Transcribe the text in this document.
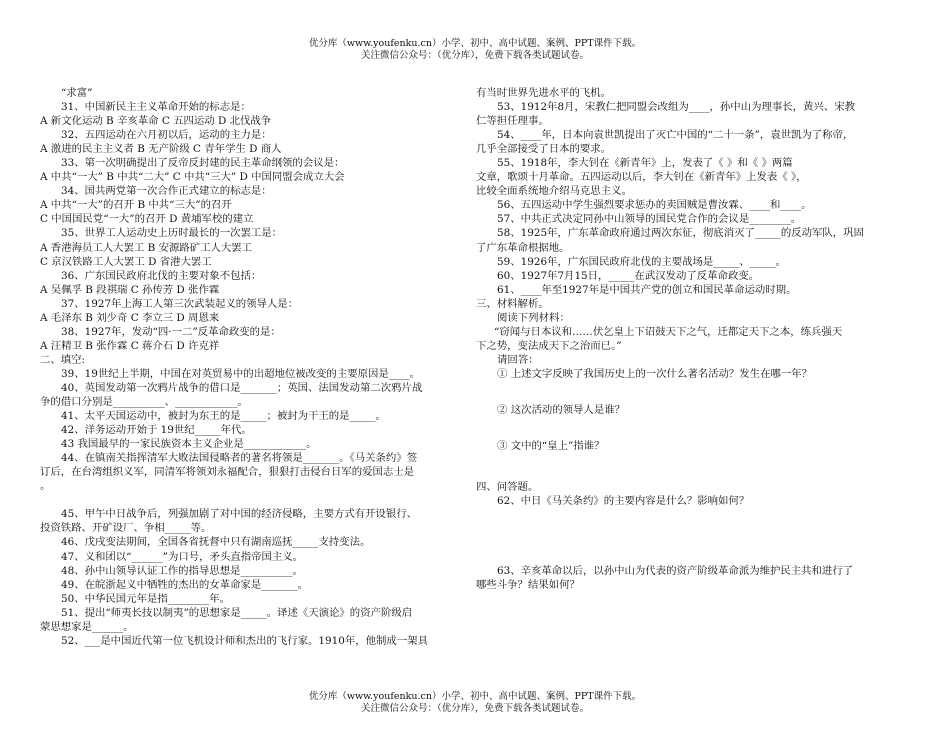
优分库（www.youfenku.cn）小学、初中、高中试题、案例、PPT课件下载。
关注微信公众号：（优分库），免费下载各类试题试卷。
“求富”
31、中国新民主主义革命开始的标志是：
A 新文化运动 B 辛亥革命 C 五四运动 D 北伐战争
32、五四运动在六月初以后，运动的主力是：
A 激进的民主主义者 B 无产阶级 C 青年学生 D 商人
33、第一次明确提出了反帝反封建的民主革命纲领的会议是：
A 中共“一大” B 中共“二大” C 中共“三大” D 中国同盟会成立大会
34、国共两党第一次合作正式建立的标志是：
A 中共“一大”的召开 B 中共“三大”的召开
C 中国国民党“一大”的召开 D 黄埔军校的建立
35、世界工人运动史上历时最长的一次罢工是：
A 香港海员工人大罢工 B 安源路矿工人大罢工
C 京汉铁路工人大罢工 D 省港大罢工
36、广东国民政府北伐的主要对象不包括：
A 吴佩孚 B 段祺瑞 C 孙传芳 D 张作霖
37、1927年上海工人第三次武装起义的领导人是：
A 毛泽东 B 刘少奇 C 李立三 D 周恩来
38、1927年，发动“四·一二”反革命政变的是：
A 汪精卫 B 张作霖 C 蒋介石 D 许克祥
二、填空:
39、19世纪上半期，中国在对英贸易中的出超地位被改变的主要原因是____。
40、英国发动第一次鸦片战争的借口是_______；英国、法国发动第二次鸦片战
争的借口分别是__________、____________。
41、太平天国运动中，被封为东王的是_____；被封为干王的是_____。
42、洋务运动开始于 19世纪_____年代。
43 我国最早的一家民族资本主义企业是____________。
44、在镇南关指挥清军大败法国侵略者的著名将领是_______。《马关条约》签
订后，在台湾组织义军，同清军将领刘永福配合，狠狠打击侵台日军的爱国志士是
。
45、甲午中日战争后，列强加剧了对中国的经济侵略，主要方式有开设银行、
投资铁路、开矿设厂、争相_____等。
46、戊戌变法期间，全国各省抚督中只有湖南巡抚_____支持变法。
47、义和团以“______”为口号，矛头直指帝国主义。
48、孙中山领导认证工作的指导思想是__________。
49、在皖浙起义中牺牲的杰出的女革命家是_______。
50、中华民国元年是指________年。
51、提出“师夷长技以制夷”的思想家是_____。译述《天演论》的资产阶级启
蒙思想家是______。
52、___是中国近代第一位飞机设计师和杰出的飞行家。1910年，他制成一架具
有当时世界先进水平的飞机。
53、1912年8月，宋教仁把同盟会改组为____，孙中山为理事长，黄兴、宋教
仁等担任理事。
54、____年，日本向袁世凯提出了灭亡中国的“二十一条”，袁世凯为了称帝，
几乎全部接受了日本的要求。
55、1918年，李大钊在《新青年》上，发表了《 》和《 》两篇
文章，歌颂十月革命。五四运动以后，李大钊在《新青年》上发表《 》，
比较全面系统地介绍马克思主义。
56、五四运动中学生强烈要求惩办的卖国贼是曹汝霖、____和____。
57、中共正式决定同孙中山领导的国民党合作的会议是________。
58、1925年，广东革命政府通过两次东征，彻底消灭了_____的反动军队，巩固
了广东革命根据地。
59、1926年，广东国民政府北伐的主要战场是_____、_____。
60、1927年7月15日，_____在武汉发动了反革命政变。
61、____年至1927年是中国共产党的创立和国民革命运动时期。
三、材料解析。
阅读下列材料：
“窃闻与日本议和……伏乞皇上下诏鼓天下之气，迁都定天下之本，练兵强天
下之势，变法成天下之治而已。”
请回答：
① 上述文字反映了我国历史上的一次什么著名活动？发生在哪一年？
② 这次活动的领导人是谁？
③ 文中的“皇上”指谁？
四、问答题。
62、中日《马关条约》的主要内容是什么？影响如何？
63、辛亥革命以后，以孙中山为代表的资产阶级革命派为维护民主共和进行了
哪些斗争？结果如何？
优分库（www.youfenku.cn）小学、初中、高中试题、案例、PPT课件下载。
关注微信公众号：（优分库），免费下载各类试题试卷。
